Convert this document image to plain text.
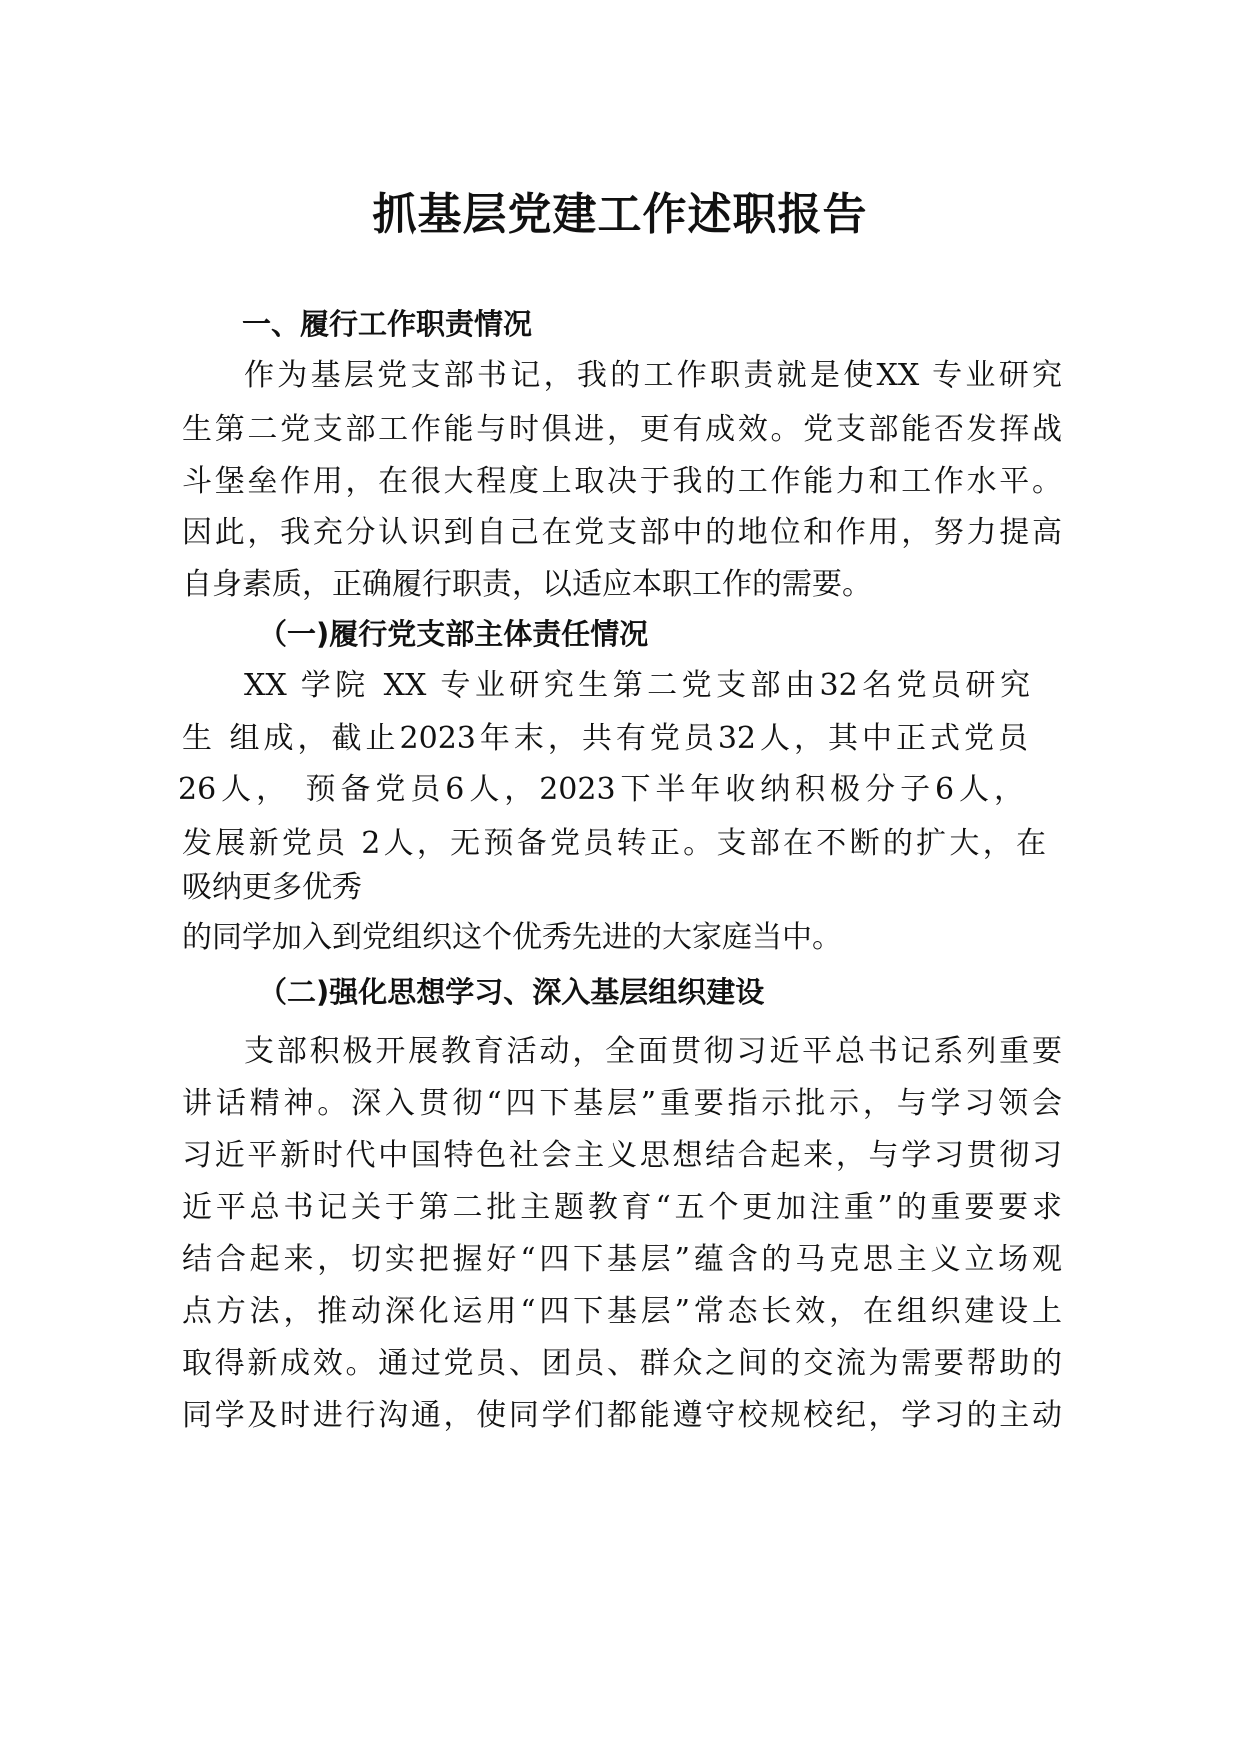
抓基层党建工作述职报告
一、履行工作职责情况
作为基层党支部书记，我的工作职责就是使XX 专业研究
生第二党支部工作能与时俱进，更有成效。党支部能否发挥战
斗堡垒作用，在很大程度上取决于我的工作能力和工作水平。
因此，我充分认识到自己在党支部中的地位和作用，努力提高
自身素质，正确履行职责，以适应本职工作的需要。
（一)履行党支部主体责任情况
XX 学院 XX 专业研究生第二党支部由32名党员研究
生 组成，截止2023年末，共有党员32人，其中正式党员
26人， 预备党员6人，2023下半年收纳积极分子6人，
发展新党员 2人，无预备党员转正。支部在不断的扩大，在
吸纳更多优秀
的同学加入到党组织这个优秀先进的大家庭当中。
（二)强化思想学习、深入基层组织建设
支部积极开展教育活动，全面贯彻习近平总书记系列重要
讲话精神。深入贯彻“四下基层”重要指示批示，与学习领会
习近平新时代中国特色社会主义思想结合起来，与学习贯彻习
近平总书记关于第二批主题教育“五个更加注重”的重要要求
结合起来，切实把握好“四下基层”蕴含的马克思主义立场观
点方法，推动深化运用“四下基层”常态长效，在组织建设上
取得新成效。通过党员、团员、群众之间的交流为需要帮助的
同学及时进行沟通，使同学们都能遵守校规校纪，学习的主动
